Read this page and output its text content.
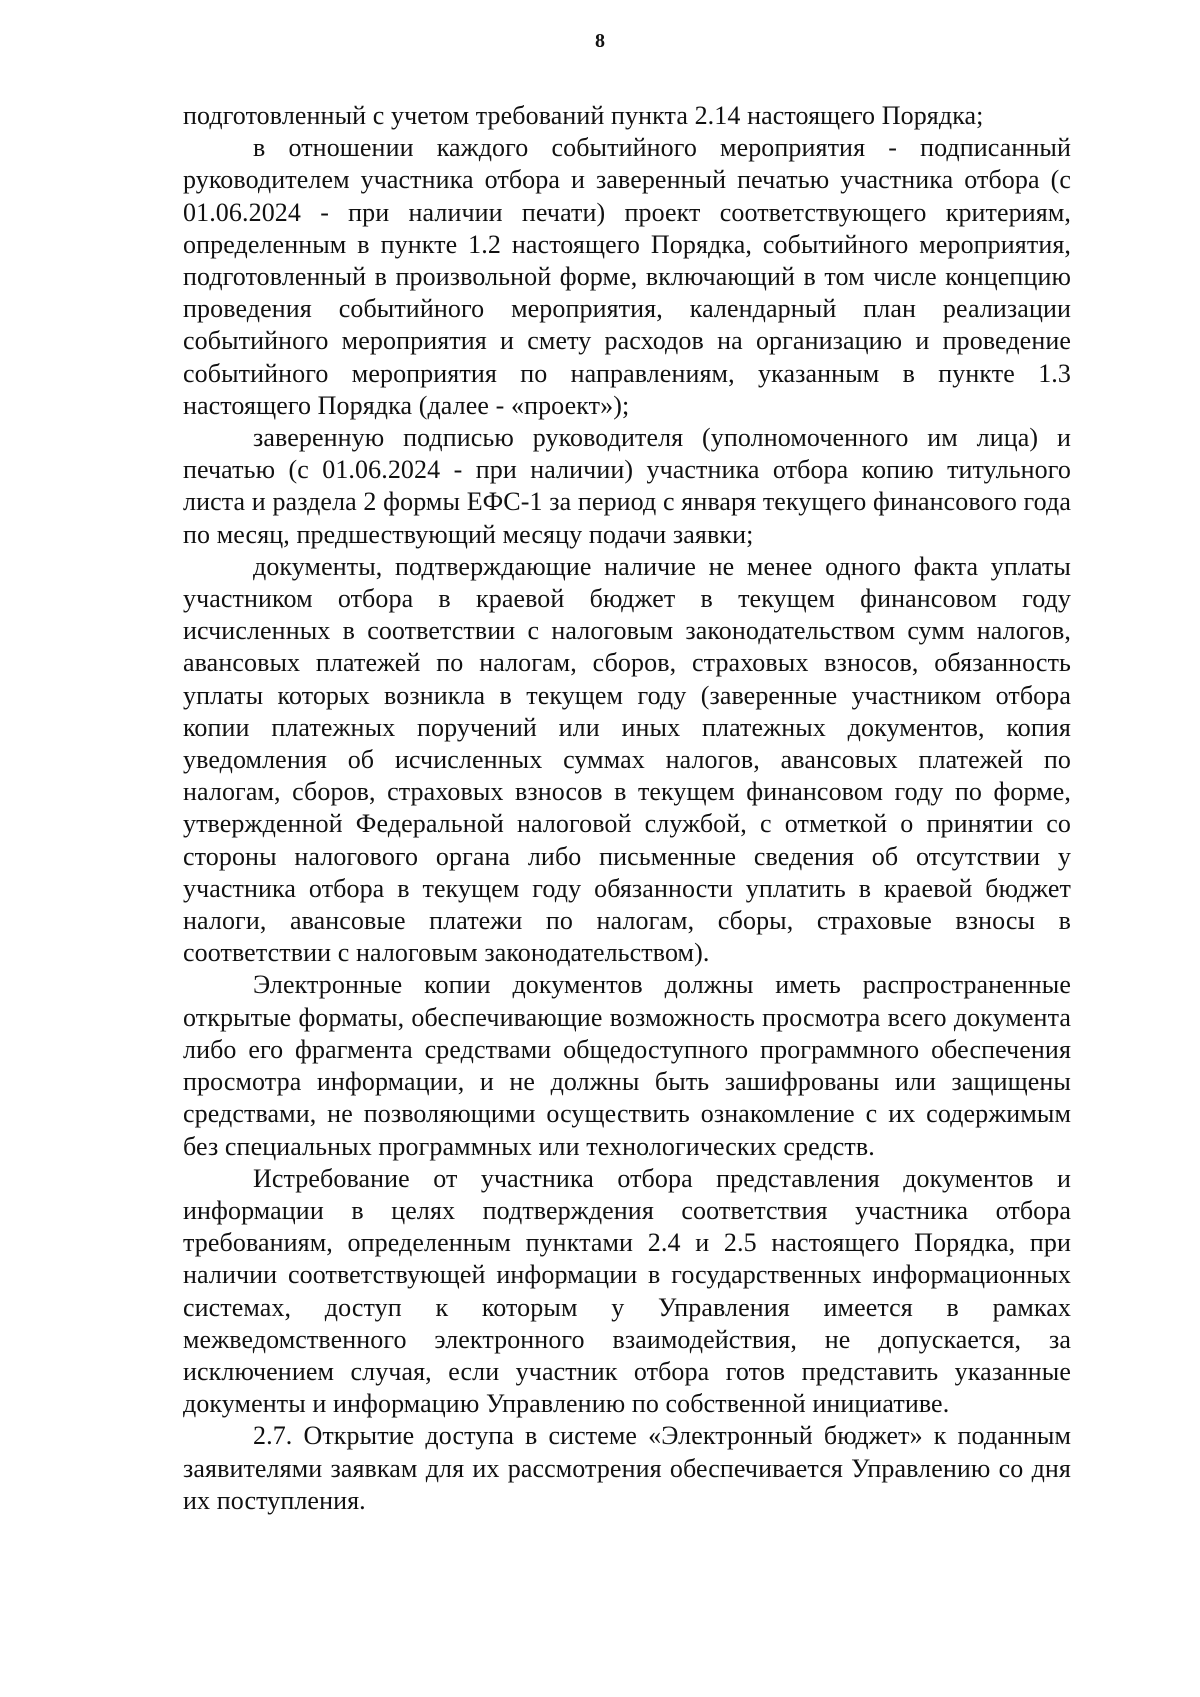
8

подготовленный с учетом требований пункта 2.14 настоящего Порядка;

в отношении каждого событийного мероприятия - подписанный руководителем участника отбора и заверенный печатью участника отбора (с 01.06.2024 - при наличии печати) проект соответствующего критериям, определенным в пункте 1.2 настоящего Порядка, событийного мероприятия, подготовленный в произвольной форме, включающий в том числе концепцию проведения событийного мероприятия, календарный план реализации событийного мероприятия и смету расходов на организацию и проведение событийного мероприятия по направлениям, указанным в пункте 1.3 настоящего Порядка (далее - «проект»);

заверенную подписью руководителя (уполномоченного им лица) и печатью (с 01.06.2024 - при наличии) участника отбора копию титульного листа и раздела 2 формы ЕФС-1 за период с января текущего финансового года по месяц, предшествующий месяцу подачи заявки;

документы, подтверждающие наличие не менее одного факта уплаты участником отбора в краевой бюджет в текущем финансовом году исчисленных в соответствии с налоговым законодательством сумм налогов, авансовых платежей по налогам, сборов, страховых взносов, обязанность уплаты которых возникла в текущем году (заверенные участником отбора копии платежных поручений или иных платежных документов, копия уведомления об исчисленных суммах налогов, авансовых платежей по налогам, сборов, страховых взносов в текущем финансовом году по форме, утвержденной Федеральной налоговой службой, с отметкой о принятии со стороны налогового органа либо письменные сведения об отсутствии у участника отбора в текущем году обязанности уплатить в краевой бюджет налоги, авансовые платежи по налогам, сборы, страховые взносы в соответствии с налоговым законодательством).

Электронные копии документов должны иметь распространенные открытые форматы, обеспечивающие возможность просмотра всего документа либо его фрагмента средствами общедоступного программного обеспечения просмотра информации, и не должны быть зашифрованы или защищены средствами, не позволяющими осуществить ознакомление с их содержимым без специальных программных или технологических средств.

Истребование от участника отбора представления документов и информации в целях подтверждения соответствия участника отбора требованиям, определенным пунктами 2.4 и 2.5 настоящего Порядка, при наличии соответствующей информации в государственных информационных системах, доступ к которым у Управления имеется в рамках межведомственного электронного взаимодействия, не допускается, за исключением случая, если участник отбора готов представить указанные документы и информацию Управлению по собственной инициативе.

2.7. Открытие доступа в системе «Электронный бюджет» к поданным заявителями заявкам для их рассмотрения обеспечивается Управлению со дня их поступления.
